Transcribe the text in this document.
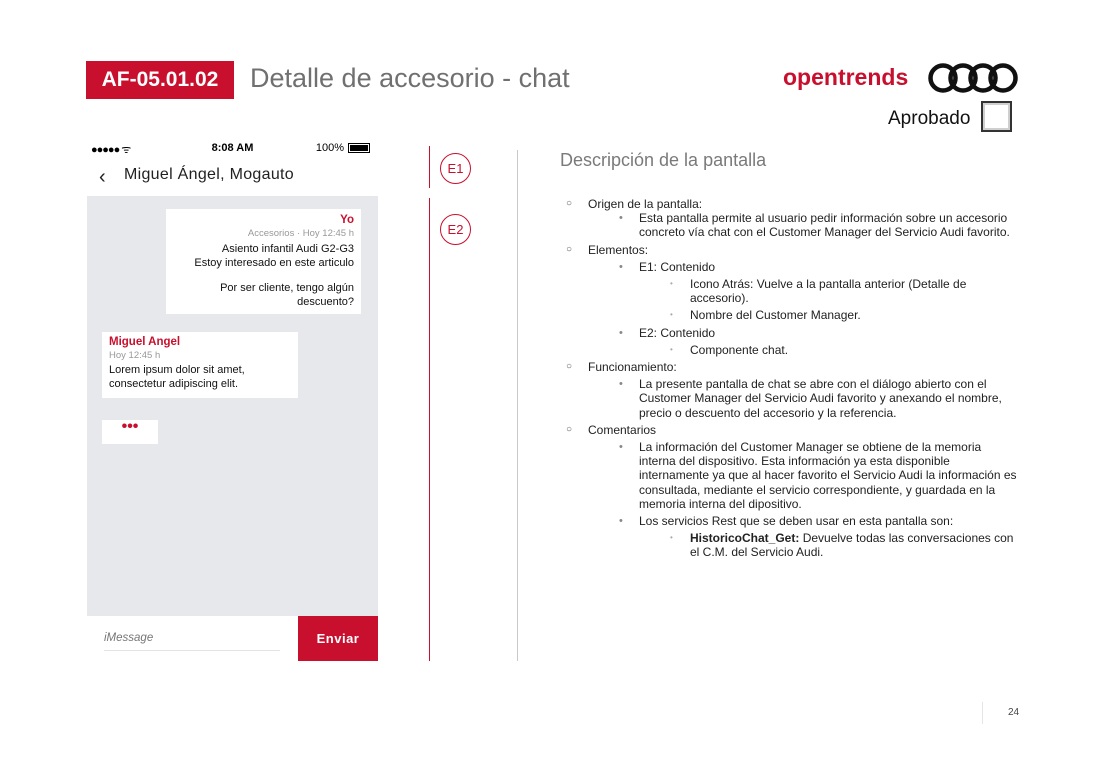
AF-05.01.02 Detalle de accesorio - chat	opentrends
Aprobado
●●●●● ᯤ	8:08 AM	100%
‹ Miguel Ángel, Mogauto
Yo
Accesorios · Hoy 12:45 h
Asiento infantil Audi G2-G3
Estoy interesado en este articulo
Por ser cliente, tengo algún descuento?
Miguel Angel
Hoy 12:45 h
Lorem ipsum dolor sit amet, consectetur adipiscing elit.
•••
iMessage
Enviar
E1
E2
Descripción de la pantalla

○ Origen de la pantalla:

• Esta pantalla permite al usuario pedir información sobre un accesorio concreto vía chat con el Customer Manager del Servicio Audi favorito.

○ Elementos:

• E1: Contenido

• Icono Atrás: Vuelve a la pantalla anterior (Detalle de accesorio).

• Nombre del Customer Manager.

• E2: Contenido

• Componente chat.

○ Funcionamiento:

• La presente pantalla de chat se abre con el diálogo abierto con el Customer Manager del Servicio Audi favorito y anexando el nombre, precio o descuento del accesorio y la referencia.

○ Comentarios

• La información del Customer Manager se obtiene de la memoria interna del dispositivo. Esta información ya esta disponible internamente ya que al hacer favorito el Servicio Audi la información es consultada, mediante el servicio correspondiente, y guardada en la memoria interna del dipositivo.

• Los servicios Rest que se deben usar en esta pantalla son:

• HistoricoChat_Get: Devuelve todas las conversaciones con el C.M. del Servicio Audi.

24
